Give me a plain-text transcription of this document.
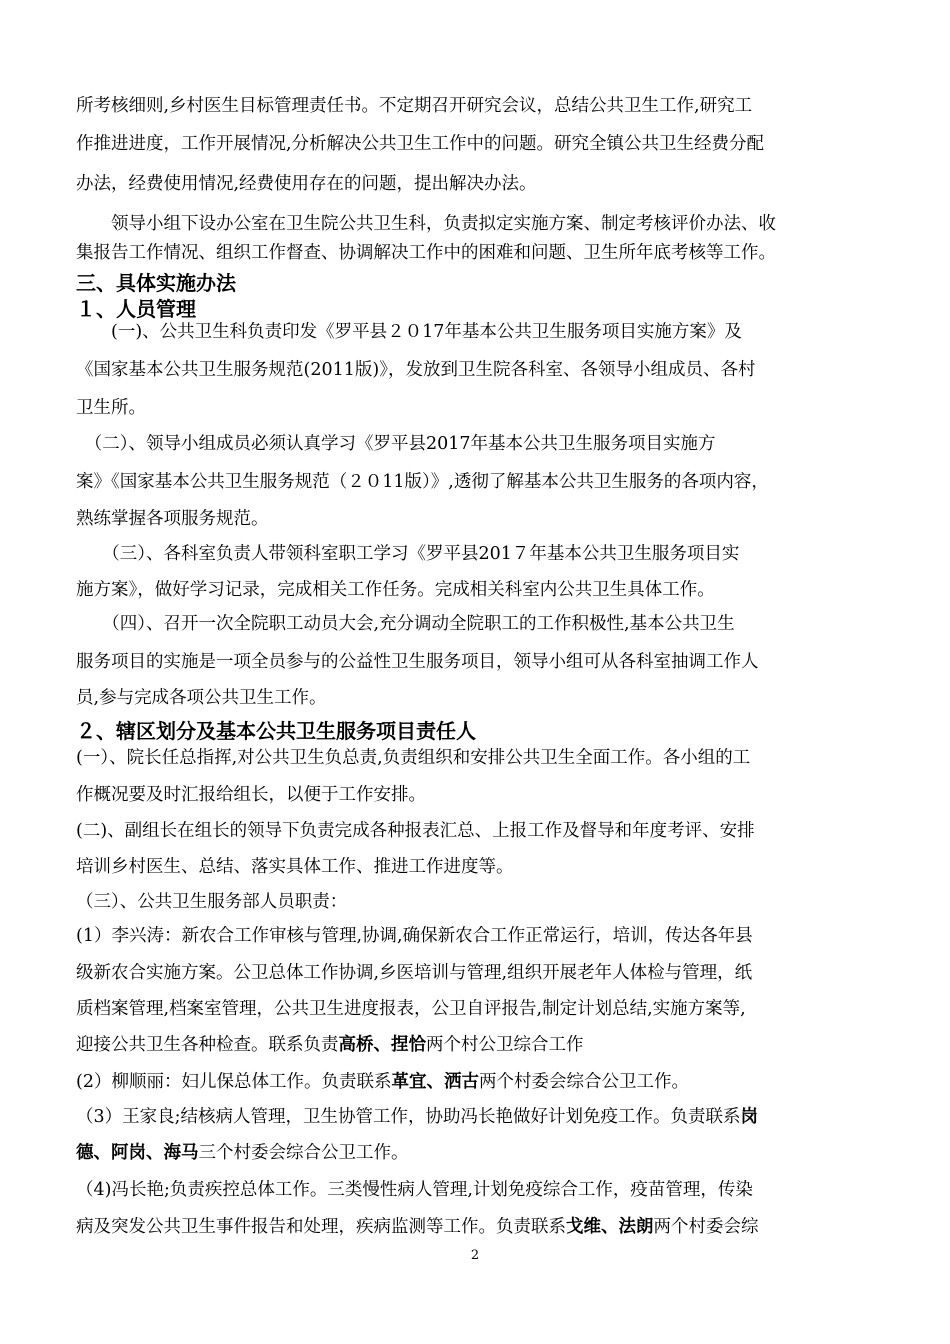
所考核细则,乡村医生目标管理责任书。不定期召开研究会议，总结公共卫生工作,研究工
作推进进度，工作开展情况,分析解决公共卫生工作中的问题。研究全镇公共卫生经费分配
办法，经费使用情况,经费使用存在的问题，提出解决办法。
　　领导小组下设办公室在卫生院公共卫生科，负责拟定实施方案、制定考核评价办法、收
集报告工作情况、组织工作督查、协调解决工作中的困难和问题、卫生所年底考核等工作。
三、具体实施办法
１、人员管理
　　(一)、公共卫生科负责印发《罗平县２０17年基本公共卫生服务项目实施方案》及
《国家基本公共卫生服务规范(2011版)》，发放到卫生院各科室、各领导小组成员、各村
卫生所。
　（二）、领导小组成员必须认真学习《罗平县2017年基本公共卫生服务项目实施方
案》《国家基本公共卫生服务规范（２０11版）》,透彻了解基本公共卫生服务的各项内容，
熟练掌握各项服务规范。
　　（三）、各科室负责人带领科室职工学习《罗平县201７年基本公共卫生服务项目实
施方案》，做好学习记录，完成相关工作任务。完成相关科室内公共卫生具体工作。
　　（四）、召开一次全院职工动员大会,充分调动全院职工的工作积极性,基本公共卫生
服务项目的实施是一项全员参与的公益性卫生服务项目，领导小组可从各科室抽调工作人
员,参与完成各项公共卫生工作。
２、辖区划分及基本公共卫生服务项目责任人
(一）、院长任总指挥,对公共卫生负总责,负责组织和安排公共卫生全面工作。各小组的工
作概况要及时汇报给组长，以便于工作安排。
(二)、副组长在组长的领导下负责完成各种报表汇总、上报工作及督导和年度考评、安排
培训乡村医生、总结、落实具体工作、推进工作进度等。
（三）、公共卫生服务部人员职责：
(1）李兴涛：新农合工作审核与管理,协调,确保新农合工作正常运行，培训，传达各年县
级新农合实施方案。公卫总体工作协调,乡医培训与管理,组织开展老年人体检与管理，纸
质档案管理,档案室管理，公共卫生进度报表，公卫自评报告,制定计划总结,实施方案等,
迎接公共卫生各种检查。联系负责高桥、捏恰两个村公卫综合工作
(2）柳顺丽：妇儿保总体工作。负责联系革宜、洒古两个村委会综合公卫工作。
（3）王家良;结核病人管理，卫生协管工作，协助冯长艳做好计划免疫工作。负责联系岗
德、阿岗、海马三个村委会综合公卫工作。
（4)冯长艳;负责疾控总体工作。三类慢性病人管理,计划免疫综合工作，疫苗管理，传染
病及突发公共卫生事件报告和处理，疾病监测等工作。负责联系戈维、法朗两个村委会综
2
